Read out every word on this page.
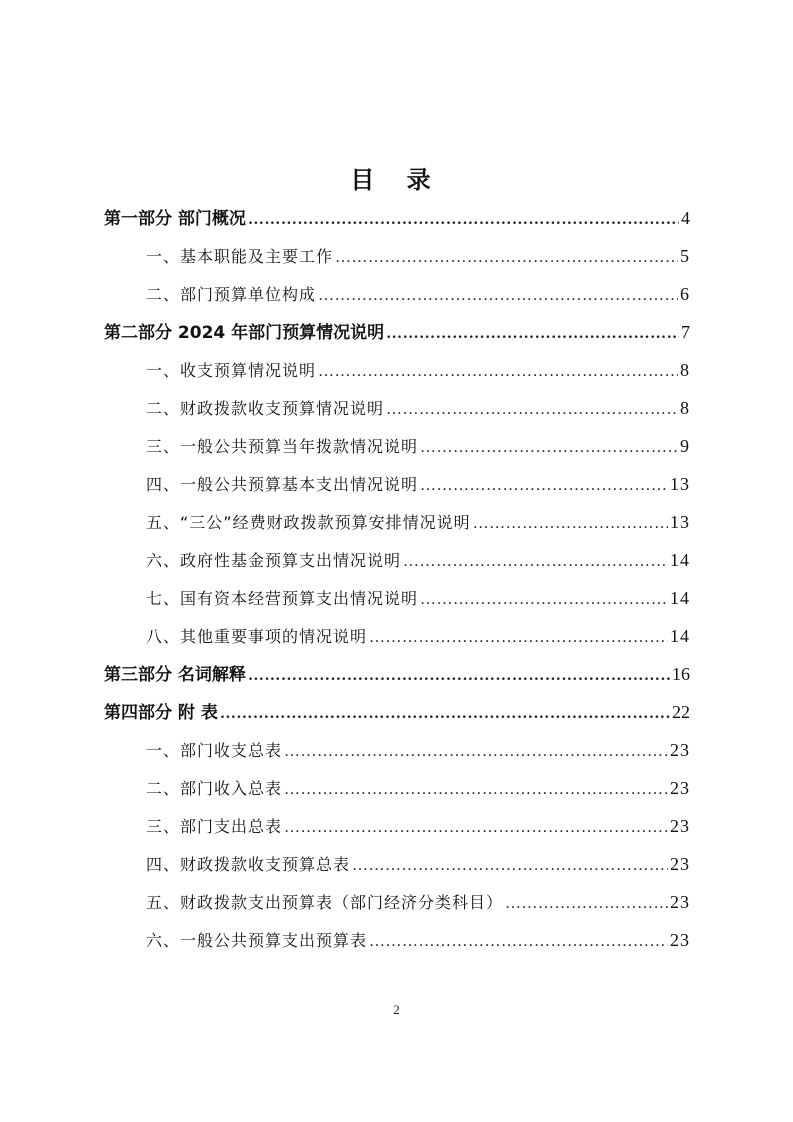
目 录
第一部分 部门概况 ………………………………………………………………………………………………………………………………	4
一、基本职能及主要工作 ………………………………………………………………………………………………………………………………	5
二、部门预算单位构成 ………………………………………………………………………………………………………………………………	6
第二部分 2024 年部门预算情况说明 ………………………………………………………………………………………………………………………………	7
一、收支预算情况说明 ………………………………………………………………………………………………………………………………	8
二、财政拨款收支预算情况说明 ………………………………………………………………………………………………………………………………	8
三、一般公共预算当年拨款情况说明 ………………………………………………………………………………………………………………………………	9
四、一般公共预算基本支出情况说明 ………………………………………………………………………………………………………………………………	13
五、“三公”经费财政拨款预算安排情况说明 ………………………………………………………………………………………………………………………………	13
六、政府性基金预算支出情况说明 ………………………………………………………………………………………………………………………………	14
七、国有资本经营预算支出情况说明 ………………………………………………………………………………………………………………………………	14
八、其他重要事项的情况说明 ………………………………………………………………………………………………………………………………	14
第三部分 名词解释 ………………………………………………………………………………………………………………………………	16
第四部分 附 表 ………………………………………………………………………………………………………………………………	22
一、部门收支总表 ………………………………………………………………………………………………………………………………	23
二、部门收入总表 ………………………………………………………………………………………………………………………………	23
三、部门支出总表 ………………………………………………………………………………………………………………………………	23
四、财政拨款收支预算总表 ………………………………………………………………………………………………………………………………	23
五、财政拨款支出预算表（部门经济分类科目） ………………………………………………………………………………………………………………………………	23
六、一般公共预算支出预算表 ………………………………………………………………………………………………………………………………	23
2
